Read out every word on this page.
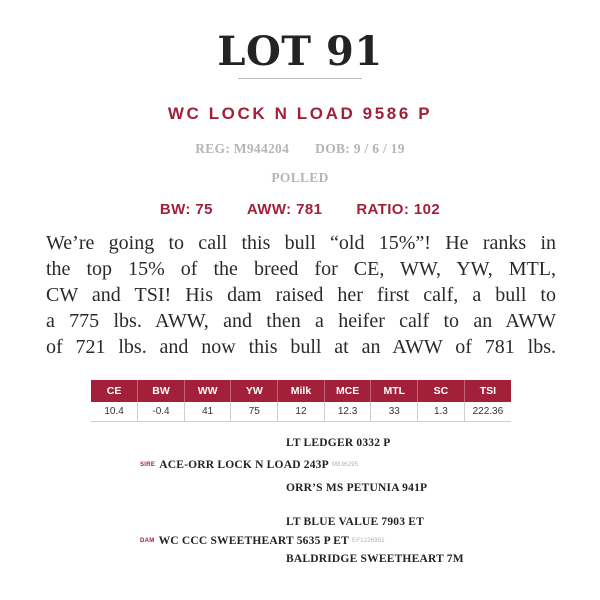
LOT 91
WC LOCK N LOAD 9586 P
REG: M944204 DOB: 9 / 6 / 19
POLLED
BW: 75 AWW: 781 RATIO: 102
We’re going to call this bull “old 15%”! He ranks in
the top 15% of the breed for CE, WW, YW, MTL,
CW and TSI! His dam raised her first calf, a bull to
a 775 lbs. AWW, and then a heifer calf to an AWW
of 721 lbs. and now this bull at an AWW of 781 lbs.
CE	BW	WW	YW	Milk	MCE	MTL	SC	TSI
10.4	-0.4	41	75	12	12.3	33	1.3	222.36
LT LEDGER 0332 P
SIRE ACE-ORR LOCK N LOAD 243P M836295
ORR’S MS PETUNIA 941P
LT BLUE VALUE 7903 ET
DAM WC CCC SWEETHEART 5635 P ET EF1226951
BALDRIDGE SWEETHEART 7M
